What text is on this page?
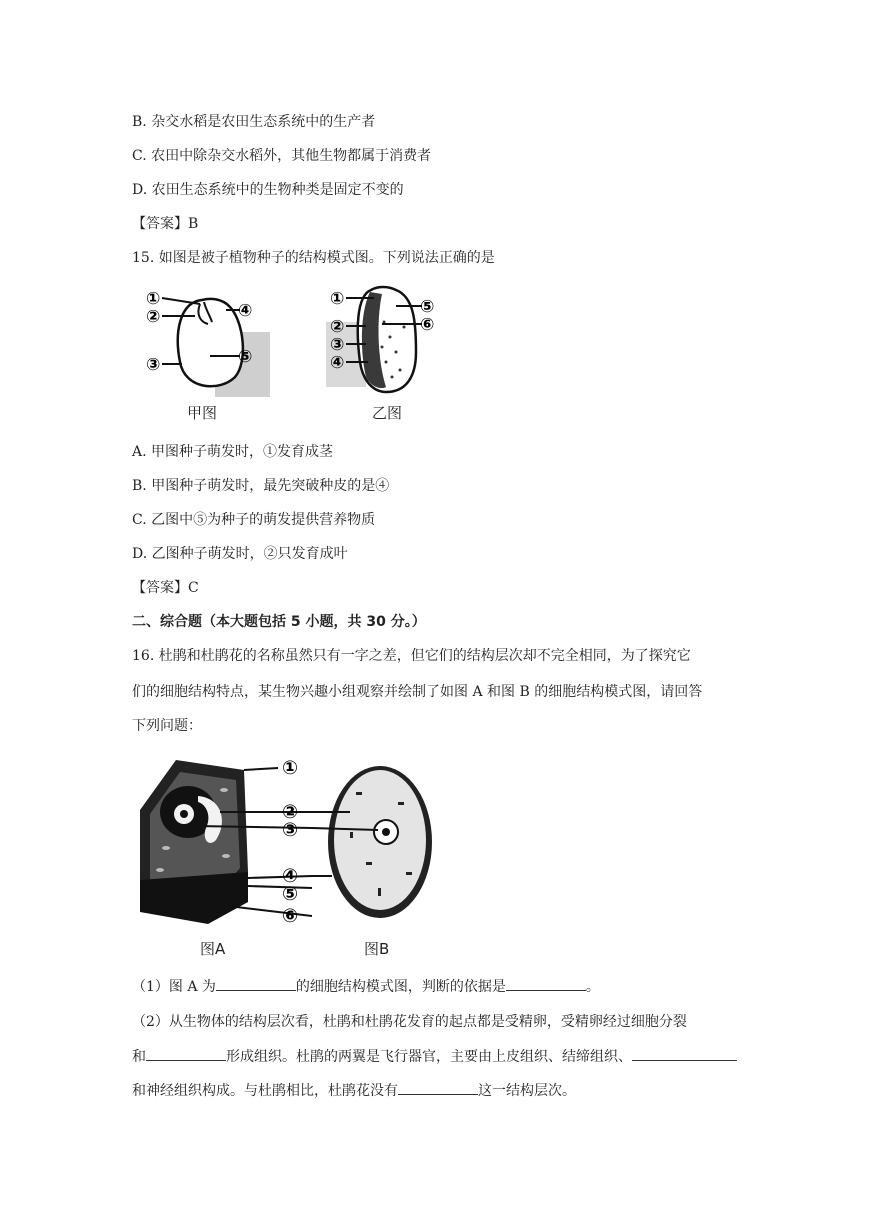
B. 杂交水稻是农田生态系统中的生产者
C. 农田中除杂交水稻外，其他生物都属于消费者
D. 农田生态系统中的生物种类是固定不变的
【答案】B
15. 如图是被子植物种子的结构模式图。下列说法正确的是
①
②
③
④
⑤
甲图
①
②
③
④
⑤
⑥
乙图
A. 甲图种子萌发时，①发育成茎
B. 甲图种子萌发时，最先突破种皮的是④
C. 乙图中⑤为种子的萌发提供营养物质
D. 乙图种子萌发时，②只发育成叶
【答案】C
二、综合题（本大题包括 5 小题，共 30 分。）
16. 杜鹃和杜鹃花的名称虽然只有一字之差，但它们的结构层次却不完全相同，为了探究它
们的细胞结构特点，某生物兴趣小组观察并绘制了如图 A 和图 B 的细胞结构模式图，请回答
下列问题：
①
②
③
④
⑤
⑥
图A	图B
（1）图 A 为	的细胞结构模式图，判断的依据是	。
（2）从生物体的结构层次看，杜鹃和杜鹃花发育的起点都是受精卵，受精卵经过细胞分裂
和	形成组织。杜鹃的两翼是飞行器官，主要由上皮组织、结缔组织、
和神经组织构成。与杜鹃相比，杜鹃花没有	这一结构层次。
